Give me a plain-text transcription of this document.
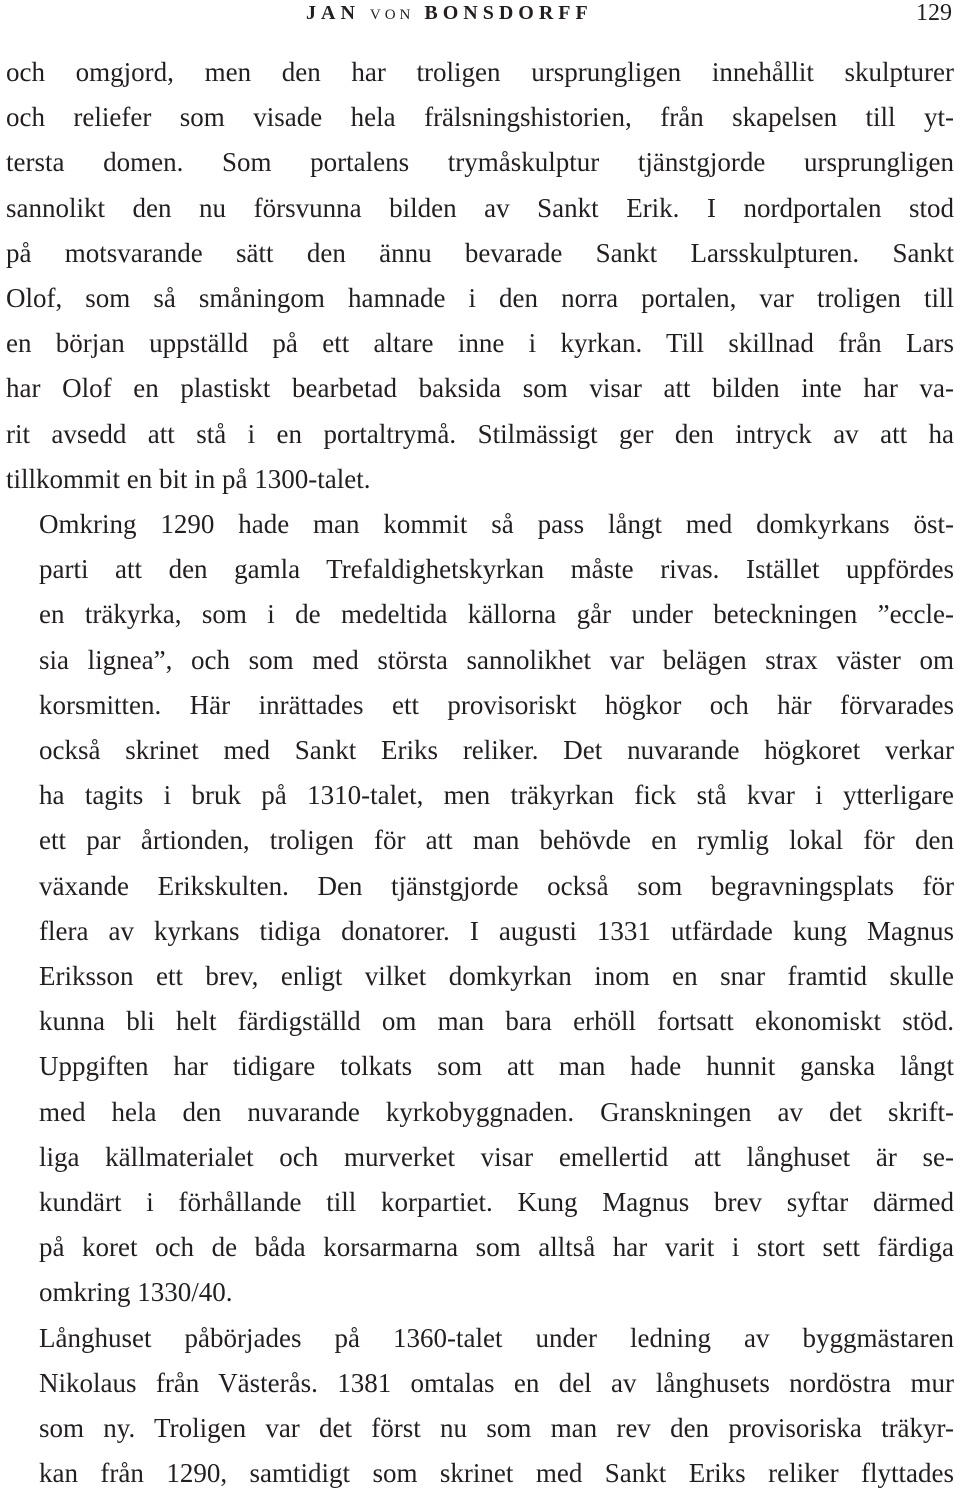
JAN VON BONSDORFF	129

och omgjord, men den har troligen ursprungligen innehållit skulpturer
och reliefer som visade hela frälsningshistorien, från skapelsen till yt-
tersta domen. Som portalens trymåskulptur tjänstgjorde ursprungligen
sannolikt den nu försvunna bilden av Sankt Erik. I nordportalen stod
på motsvarande sätt den ännu bevarade Sankt Larsskulpturen. Sankt
Olof, som så småningom hamnade i den norra portalen, var troligen till
en början uppställd på ett altare inne i kyrkan. Till skillnad från Lars
har Olof en plastiskt bearbetad baksida som visar att bilden inte har va-
rit avsedd att stå i en portaltrymå. Stilmässigt ger den intryck av att ha
tillkommit en bit in på 1300-talet.

Omkring 1290 hade man kommit så pass långt med domkyrkans öst-
parti att den gamla Trefaldighetskyrkan måste rivas. Istället uppfördes
en träkyrka, som i de medeltida källorna går under beteckningen ”eccle-
sia lignea”, och som med största sannolikhet var belägen strax väster om
korsmitten. Här inrättades ett provisoriskt högkor och här förvarades
också skrinet med Sankt Eriks reliker. Det nuvarande högkoret verkar
ha tagits i bruk på 1310-talet, men träkyrkan fick stå kvar i ytterligare
ett par årtionden, troligen för att man behövde en rymlig lokal för den
växande Erikskulten. Den tjänstgjorde också som begravningsplats för
flera av kyrkans tidiga donatorer. I augusti 1331 utfärdade kung Magnus
Eriksson ett brev, enligt vilket domkyrkan inom en snar framtid skulle
kunna bli helt färdigställd om man bara erhöll fortsatt ekonomiskt stöd.
Uppgiften har tidigare tolkats som att man hade hunnit ganska långt
med hela den nuvarande kyrkobyggnaden. Granskningen av det skrift-
liga källmaterialet och murverket visar emellertid att långhuset är se-
kundärt i förhållande till korpartiet. Kung Magnus brev syftar därmed
på koret och de båda korsarmarna som alltså har varit i stort sett färdiga
omkring 1330/40.

Långhuset påbörjades på 1360-talet under ledning av byggmästaren
Nikolaus från Västerås. 1381 omtalas en del av långhusets nordöstra mur
som ny. Troligen var det först nu som man rev den provisoriska träkyr-
kan från 1290, samtidigt som skrinet med Sankt Eriks reliker flyttades
